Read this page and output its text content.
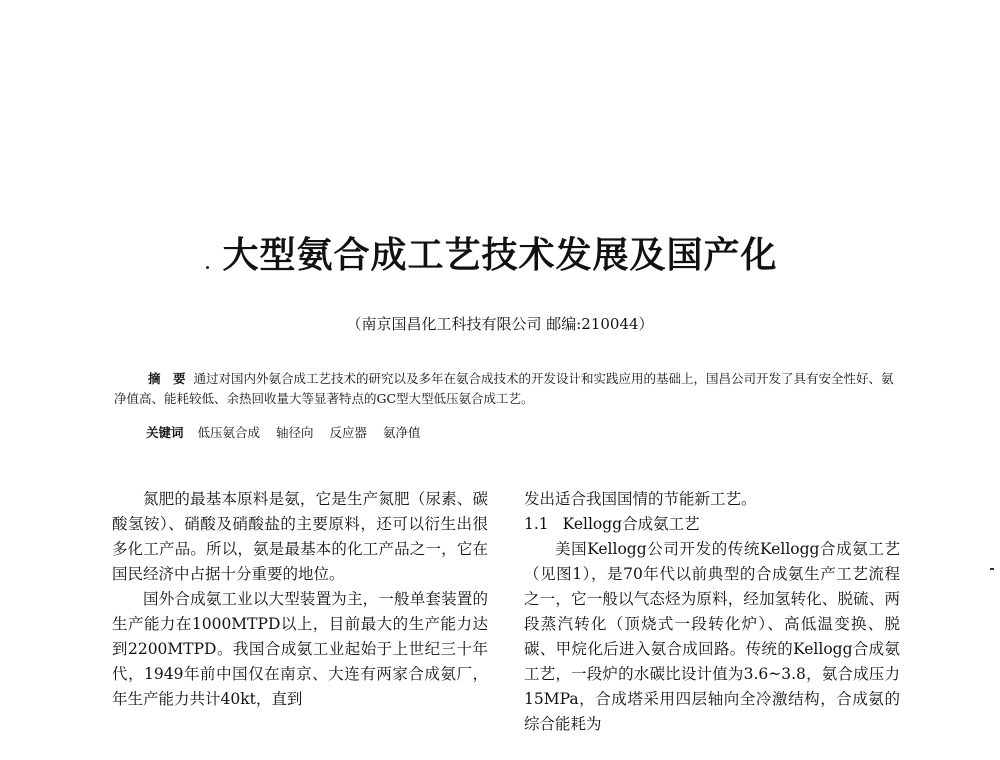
大型氨合成工艺技术发展及国产化
（南京国昌化工科技有限公司 邮编:210044）
摘　要 通过对国内外氨合成工艺技术的研究以及多年在氨合成技术的开发设计和实践应用的基础上，国昌公司开发了具有安全性好、氨净值高、能耗较低、余热回收量大等显著特点的GC型大型低压氨合成工艺。
关键词 低压氨合成 轴径向 反应器 氨净值

氮肥的最基本原料是氨，它是生产氮肥（尿素、碳酸氢铵）、硝酸及硝酸盐的主要原料，还可以衍生出很多化工产品。所以，氨是最基本的化工产品之一，它在国民经济中占据十分重要的地位。

国外合成氨工业以大型装置为主，一般单套装置的生产能力在1000MTPD以上，目前最大的生产能力达到2200MTPD。我国合成氨工业起始于上世纪三十年代，1949年前中国仅在南京、大连有两家合成氨厂，年生产能力共计40kt，直到

发出适合我国国情的节能新工艺。

1.1 Kellogg合成氨工艺

美国Kellogg公司开发的传统Kellogg合成氨工艺（见图1），是70年代以前典型的合成氨生产工艺流程之一，它一般以气态烃为原料，经加氢转化、脱硫、两段蒸汽转化（顶烧式一段转化炉）、高低温变换、脱碳、甲烷化后进入氨合成回路。传统的Kellogg合成氨工艺，一段炉的水碳比设计值为3.6~3.8，氨合成压力15MPa，合成塔采用四层轴向全冷激结构，合成氨的综合能耗为
